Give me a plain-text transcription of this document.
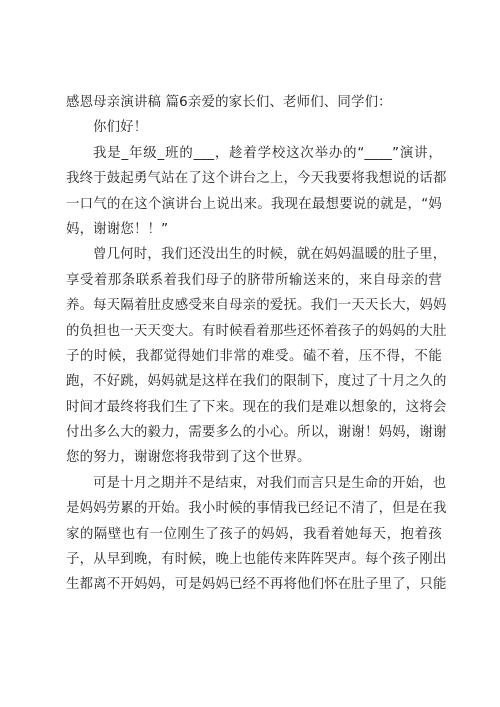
感恩母亲演讲稿 篇6亲爱的家长们、老师们、同学们：
你们好！
我是_年级_班的___，趁着学校这次举办的“____”演讲，
我终于鼓起勇气站在了这个讲台之上，今天我要将我想说的话都
一口气的在这个演讲台上说出来。我现在最想要说的就是，“妈
妈，谢谢您！！”
曾几何时，我们还没出生的时候，就在妈妈温暖的肚子里，
享受着那条联系着我们母子的脐带所输送来的，来自母亲的营
养。每天隔着肚皮感受来自母亲的爱抚。我们一天天长大，妈妈
的负担也一天天变大。有时候看着那些还怀着孩子的妈妈的大肚
子的时候，我都觉得她们非常的难受。磕不着，压不得，不能
跑，不好跳，妈妈就是这样在我们的限制下，度过了十月之久的
时间才最终将我们生了下来。现在的我们是难以想象的，这将会
付出多么大的毅力，需要多么的小心。所以，谢谢！妈妈，谢谢
您的努力，谢谢您将我带到了这个世界。
可是十月之期并不是结束，对我们而言只是生命的开始，也
是妈妈劳累的开始。我小时候的事情我已经记不清了，但是在我
家的隔壁也有一位刚生了孩子的妈妈，我看着她每天，抱着孩
子，从早到晚，有时候，晚上也能传来阵阵哭声。每个孩子刚出
生都离不开妈妈，可是妈妈已经不再将他们怀在肚子里了，只能
